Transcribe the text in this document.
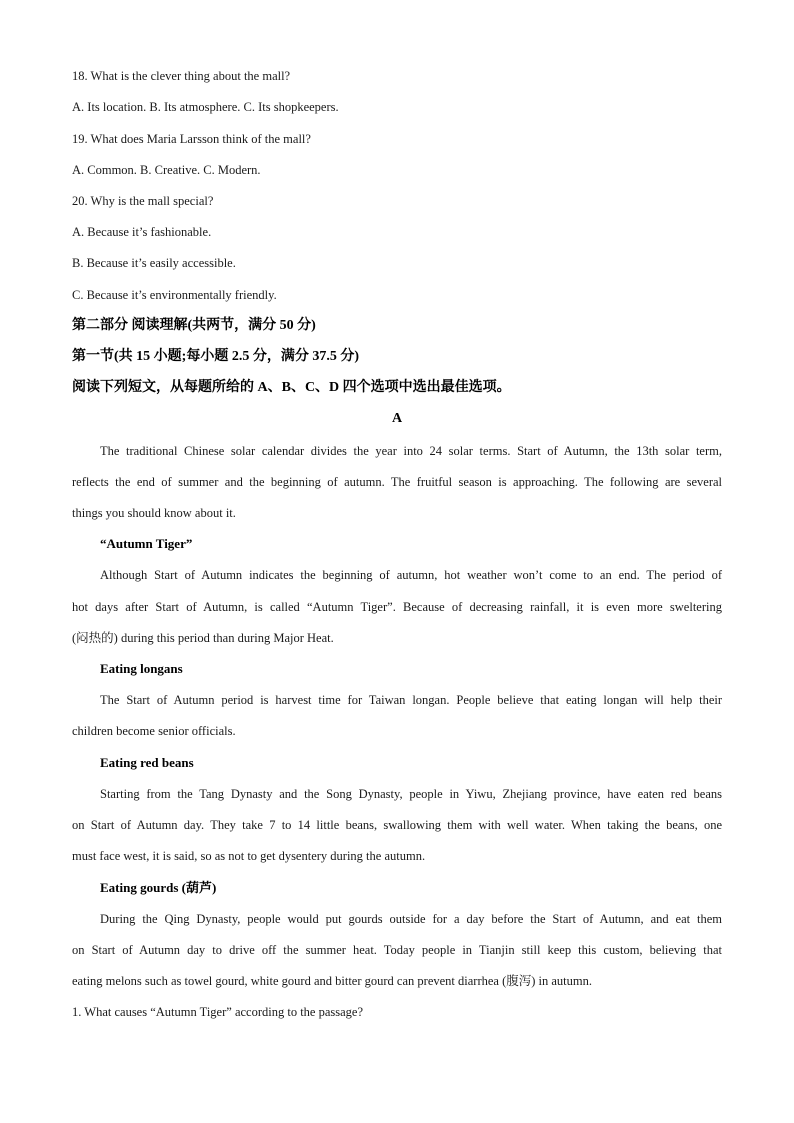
18. What is the clever thing about the mall?
A. Its location. B. Its atmosphere. C. Its shopkeepers.
19. What does Maria Larsson think of the mall?
A. Common. B. Creative. C. Modern.
20. Why is the mall special?
A. Because it’s fashionable.
B. Because it’s easily accessible.
C. Because it’s environmentally friendly.
第二部分 阅读理解(共两节，满分 50 分)
第一节(共 15 小题;每小题 2.5 分，满分 37.5 分)
阅读下列短文，从每题所给的 A、B、C、D 四个选项中选出最佳选项。
A
The traditional Chinese solar calendar divides the year into 24 solar terms. Start of Autumn, the 13th solar term,
reflects the end of summer and the beginning of autumn. The fruitful season is approaching. The following are several
things you should know about it.
“Autumn Tiger”
Although Start of Autumn indicates the beginning of autumn, hot weather won’t come to an end. The period of
hot days after Start of Autumn, is called “Autumn Tiger”. Because of decreasing rainfall, it is even more sweltering
(闷热的) during this period than during Major Heat.
Eating longans
The Start of Autumn period is harvest time for Taiwan longan. People believe that eating longan will help their
children become senior officials.
Eating red beans
Starting from the Tang Dynasty and the Song Dynasty, people in Yiwu, Zhejiang province, have eaten red beans
on Start of Autumn day. They take 7 to 14 little beans, swallowing them with well water. When taking the beans, one
must face west, it is said, so as not to get dysentery during the autumn.
Eating gourds (葫芦)
During the Qing Dynasty, people would put gourds outside for a day before the Start of Autumn, and eat them
on Start of Autumn day to drive off the summer heat. Today people in Tianjin still keep this custom, believing that
eating melons such as towel gourd, white gourd and bitter gourd can prevent diarrhea (腹泻) in autumn.
1. What causes “Autumn Tiger” according to the passage?
